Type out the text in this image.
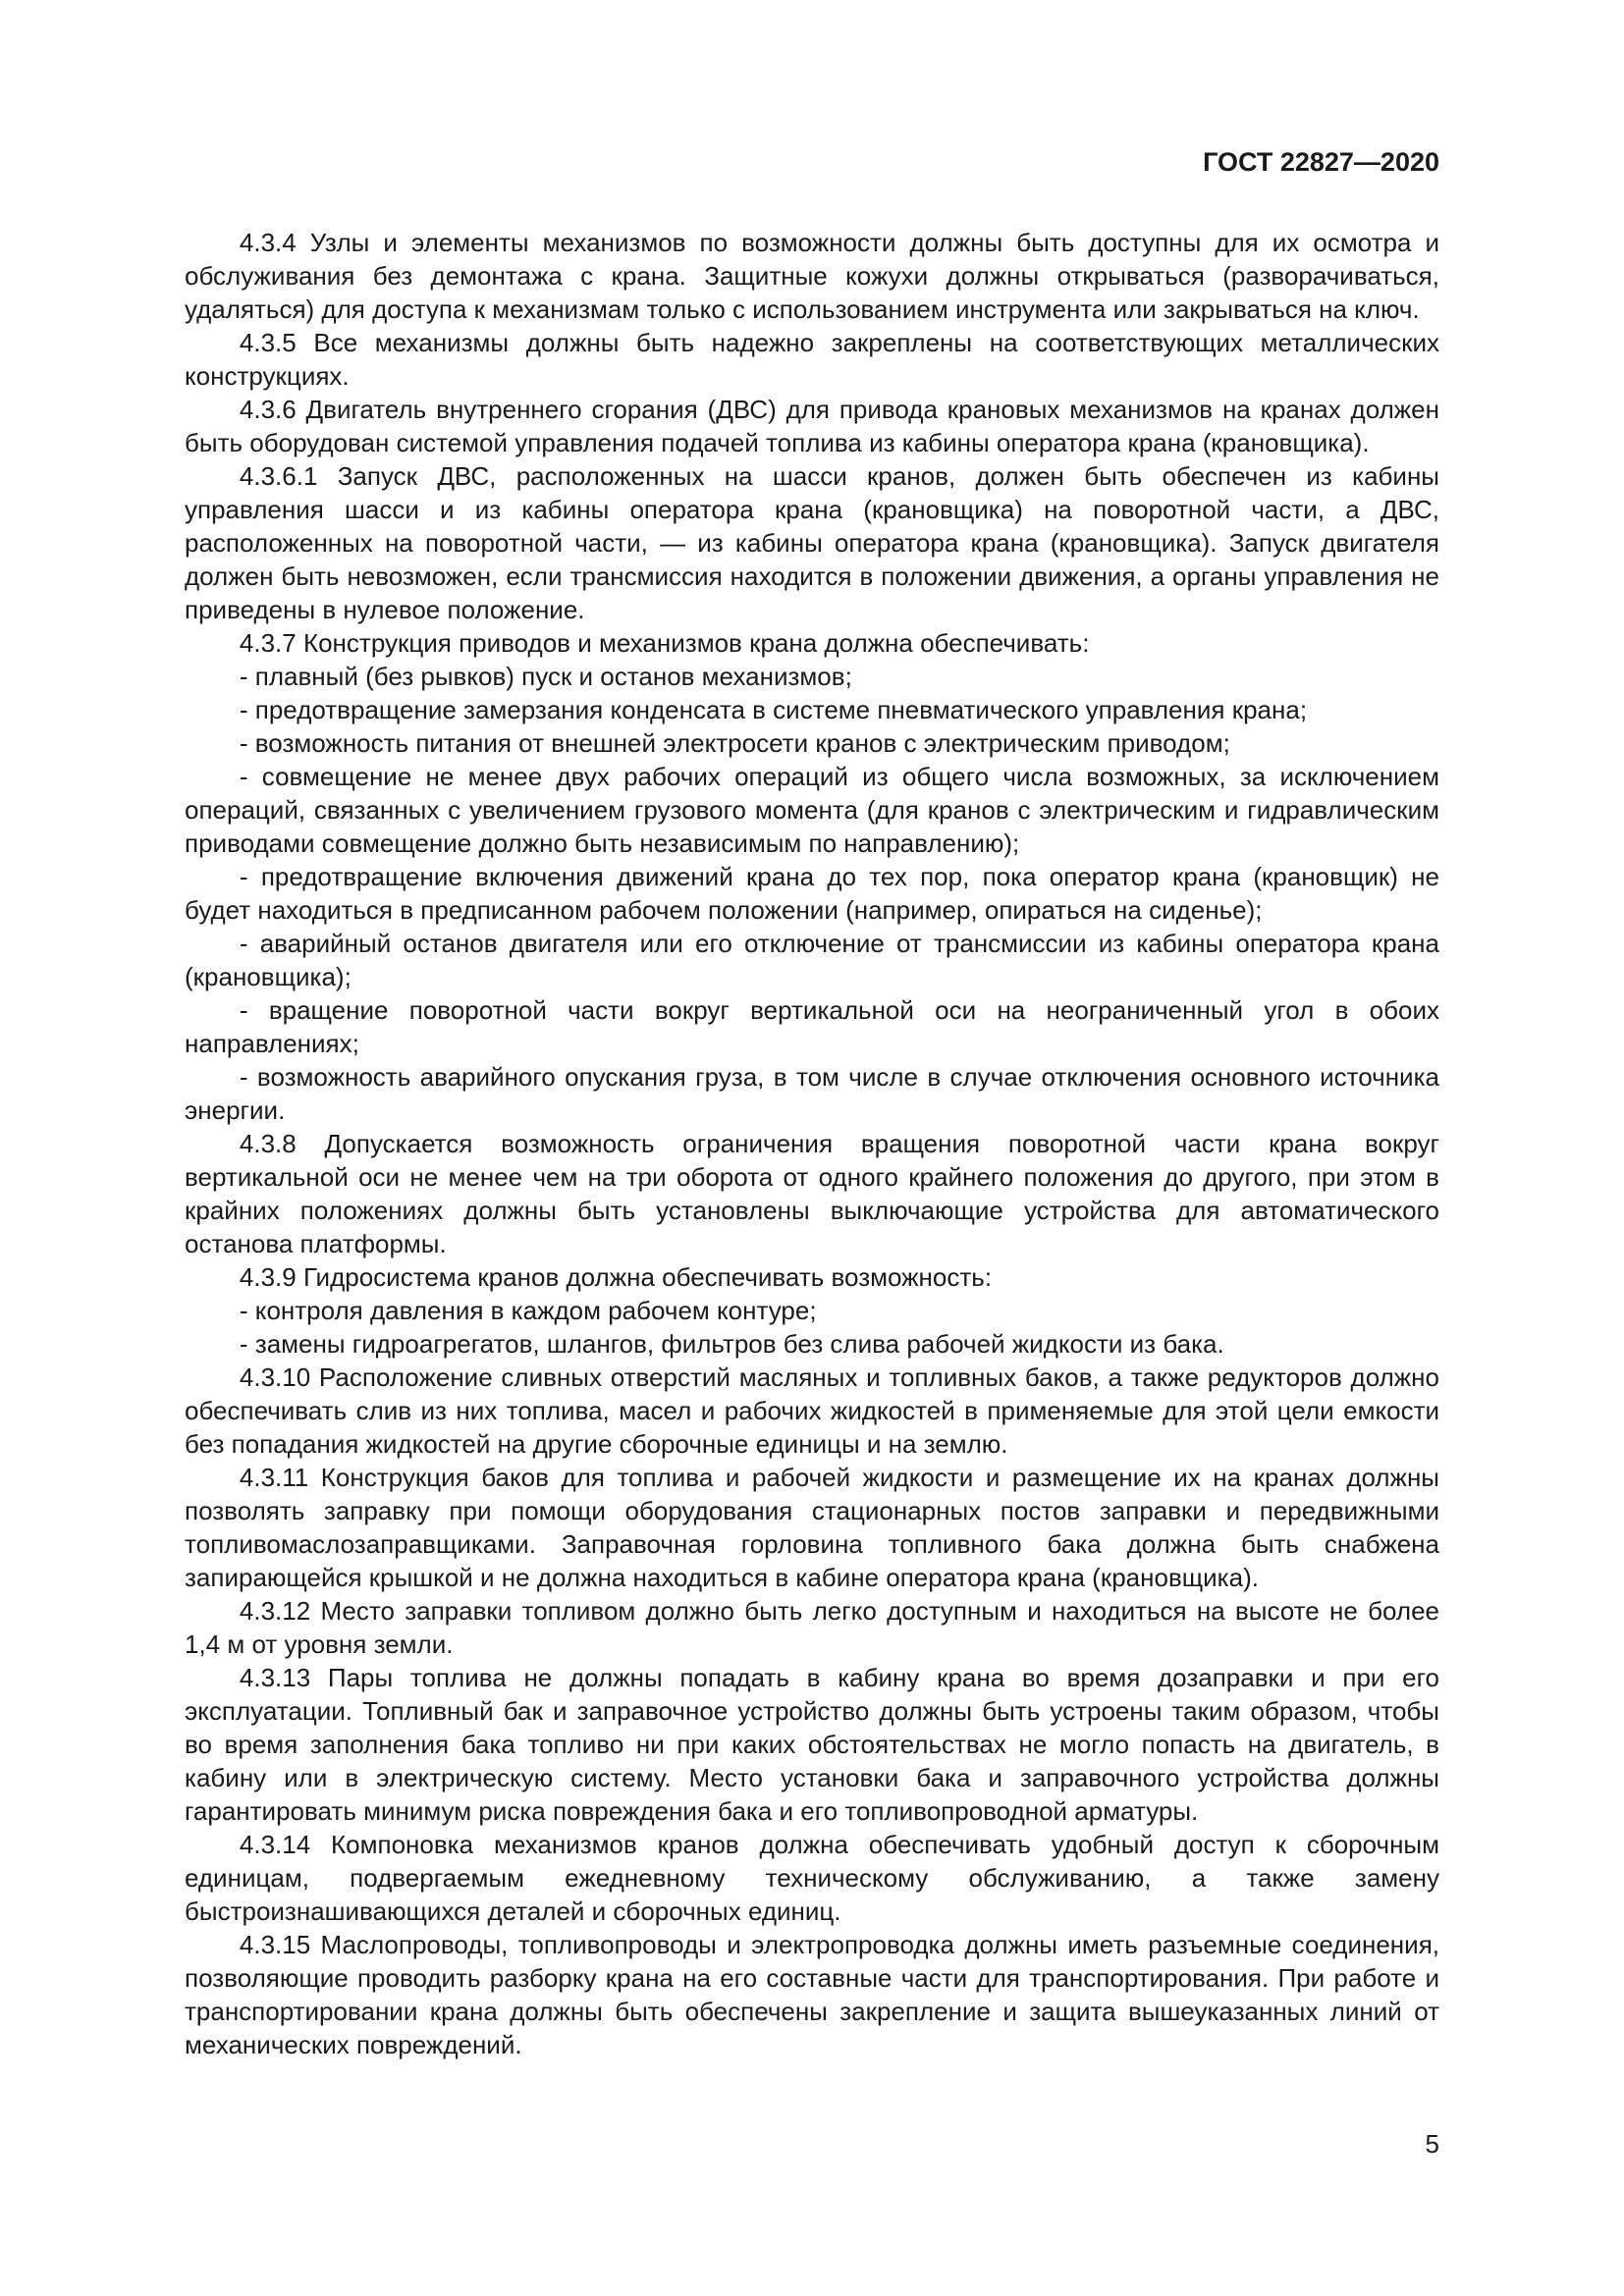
ГОСТ 22827—2020

4.3.4 Узлы и элементы механизмов по возможности должны быть доступны для их осмотра и обслуживания без демонтажа с крана. Защитные кожухи должны открываться (разворачиваться, удаляться) для доступа к механизмам только с использованием инструмента или закрываться на ключ.

4.3.5 Все механизмы должны быть надежно закреплены на соответствующих металлических конструкциях.

4.3.6 Двигатель внутреннего сгорания (ДВС) для привода крановых механизмов на кранах должен быть оборудован системой управления подачей топлива из кабины оператора крана (крановщика).

4.3.6.1 Запуск ДВС, расположенных на шасси кранов, должен быть обеспечен из кабины управления шасси и из кабины оператора крана (крановщика) на поворотной части, а ДВС, расположенных на поворотной части, — из кабины оператора крана (крановщика). Запуск двигателя должен быть невозможен, если трансмиссия находится в положении движения, а органы управления не приведены в нулевое положение.

4.3.7 Конструкция приводов и механизмов крана должна обеспечивать:

- плавный (без рывков) пуск и останов механизмов;

- предотвращение замерзания конденсата в системе пневматического управления крана;

- возможность питания от внешней электросети кранов с электрическим приводом;

- совмещение не менее двух рабочих операций из общего числа возможных, за исключением операций, связанных с увеличением грузового момента (для кранов с электрическим и гидравлическим приводами совмещение должно быть независимым по направлению);

- предотвращение включения движений крана до тех пор, пока оператор крана (крановщик) не будет находиться в предписанном рабочем положении (например, опираться на сиденье);

- аварийный останов двигателя или его отключение от трансмиссии из кабины оператора крана (крановщика);

- вращение поворотной части вокруг вертикальной оси на неограниченный угол в обоих направлениях;

- возможность аварийного опускания груза, в том числе в случае отключения основного источника энергии.

4.3.8 Допускается возможность ограничения вращения поворотной части крана вокруг вертикальной оси не менее чем на три оборота от одного крайнего положения до другого, при этом в крайних положениях должны быть установлены выключающие устройства для автоматического останова платформы.

4.3.9 Гидросистема кранов должна обеспечивать возможность:

- контроля давления в каждом рабочем контуре;

- замены гидроагрегатов, шлангов, фильтров без слива рабочей жидкости из бака.

4.3.10 Расположение сливных отверстий масляных и топливных баков, а также редукторов должно обеспечивать слив из них топлива, масел и рабочих жидкостей в применяемые для этой цели емкости без попадания жидкостей на другие сборочные единицы и на землю.

4.3.11 Конструкция баков для топлива и рабочей жидкости и размещение их на кранах должны позволять заправку при помощи оборудования стационарных постов заправки и передвижными топливомаслозаправщиками. Заправочная горловина топливного бака должна быть снабжена запирающейся крышкой и не должна находиться в кабине оператора крана (крановщика).

4.3.12 Место заправки топливом должно быть легко доступным и находиться на высоте не более 1,4 м от уровня земли.

4.3.13 Пары топлива не должны попадать в кабину крана во время дозаправки и при его эксплуатации. Топливный бак и заправочное устройство должны быть устроены таким образом, чтобы во время заполнения бака топливо ни при каких обстоятельствах не могло попасть на двигатель, в кабину или в электрическую систему. Место установки бака и заправочного устройства должны гарантировать минимум риска повреждения бака и его топливопроводной арматуры.

4.3.14 Компоновка механизмов кранов должна обеспечивать удобный доступ к сборочным единицам, подвергаемым ежедневному техническому обслуживанию, а также замену быстроизнашивающихся деталей и сборочных единиц.

4.3.15 Маслопроводы, топливопроводы и электропроводка должны иметь разъемные соединения, позволяющие проводить разборку крана на его составные части для транспортирования. При работе и транспортировании крана должны быть обеспечены закрепление и защита вышеуказанных линий от механических повреждений.

5
